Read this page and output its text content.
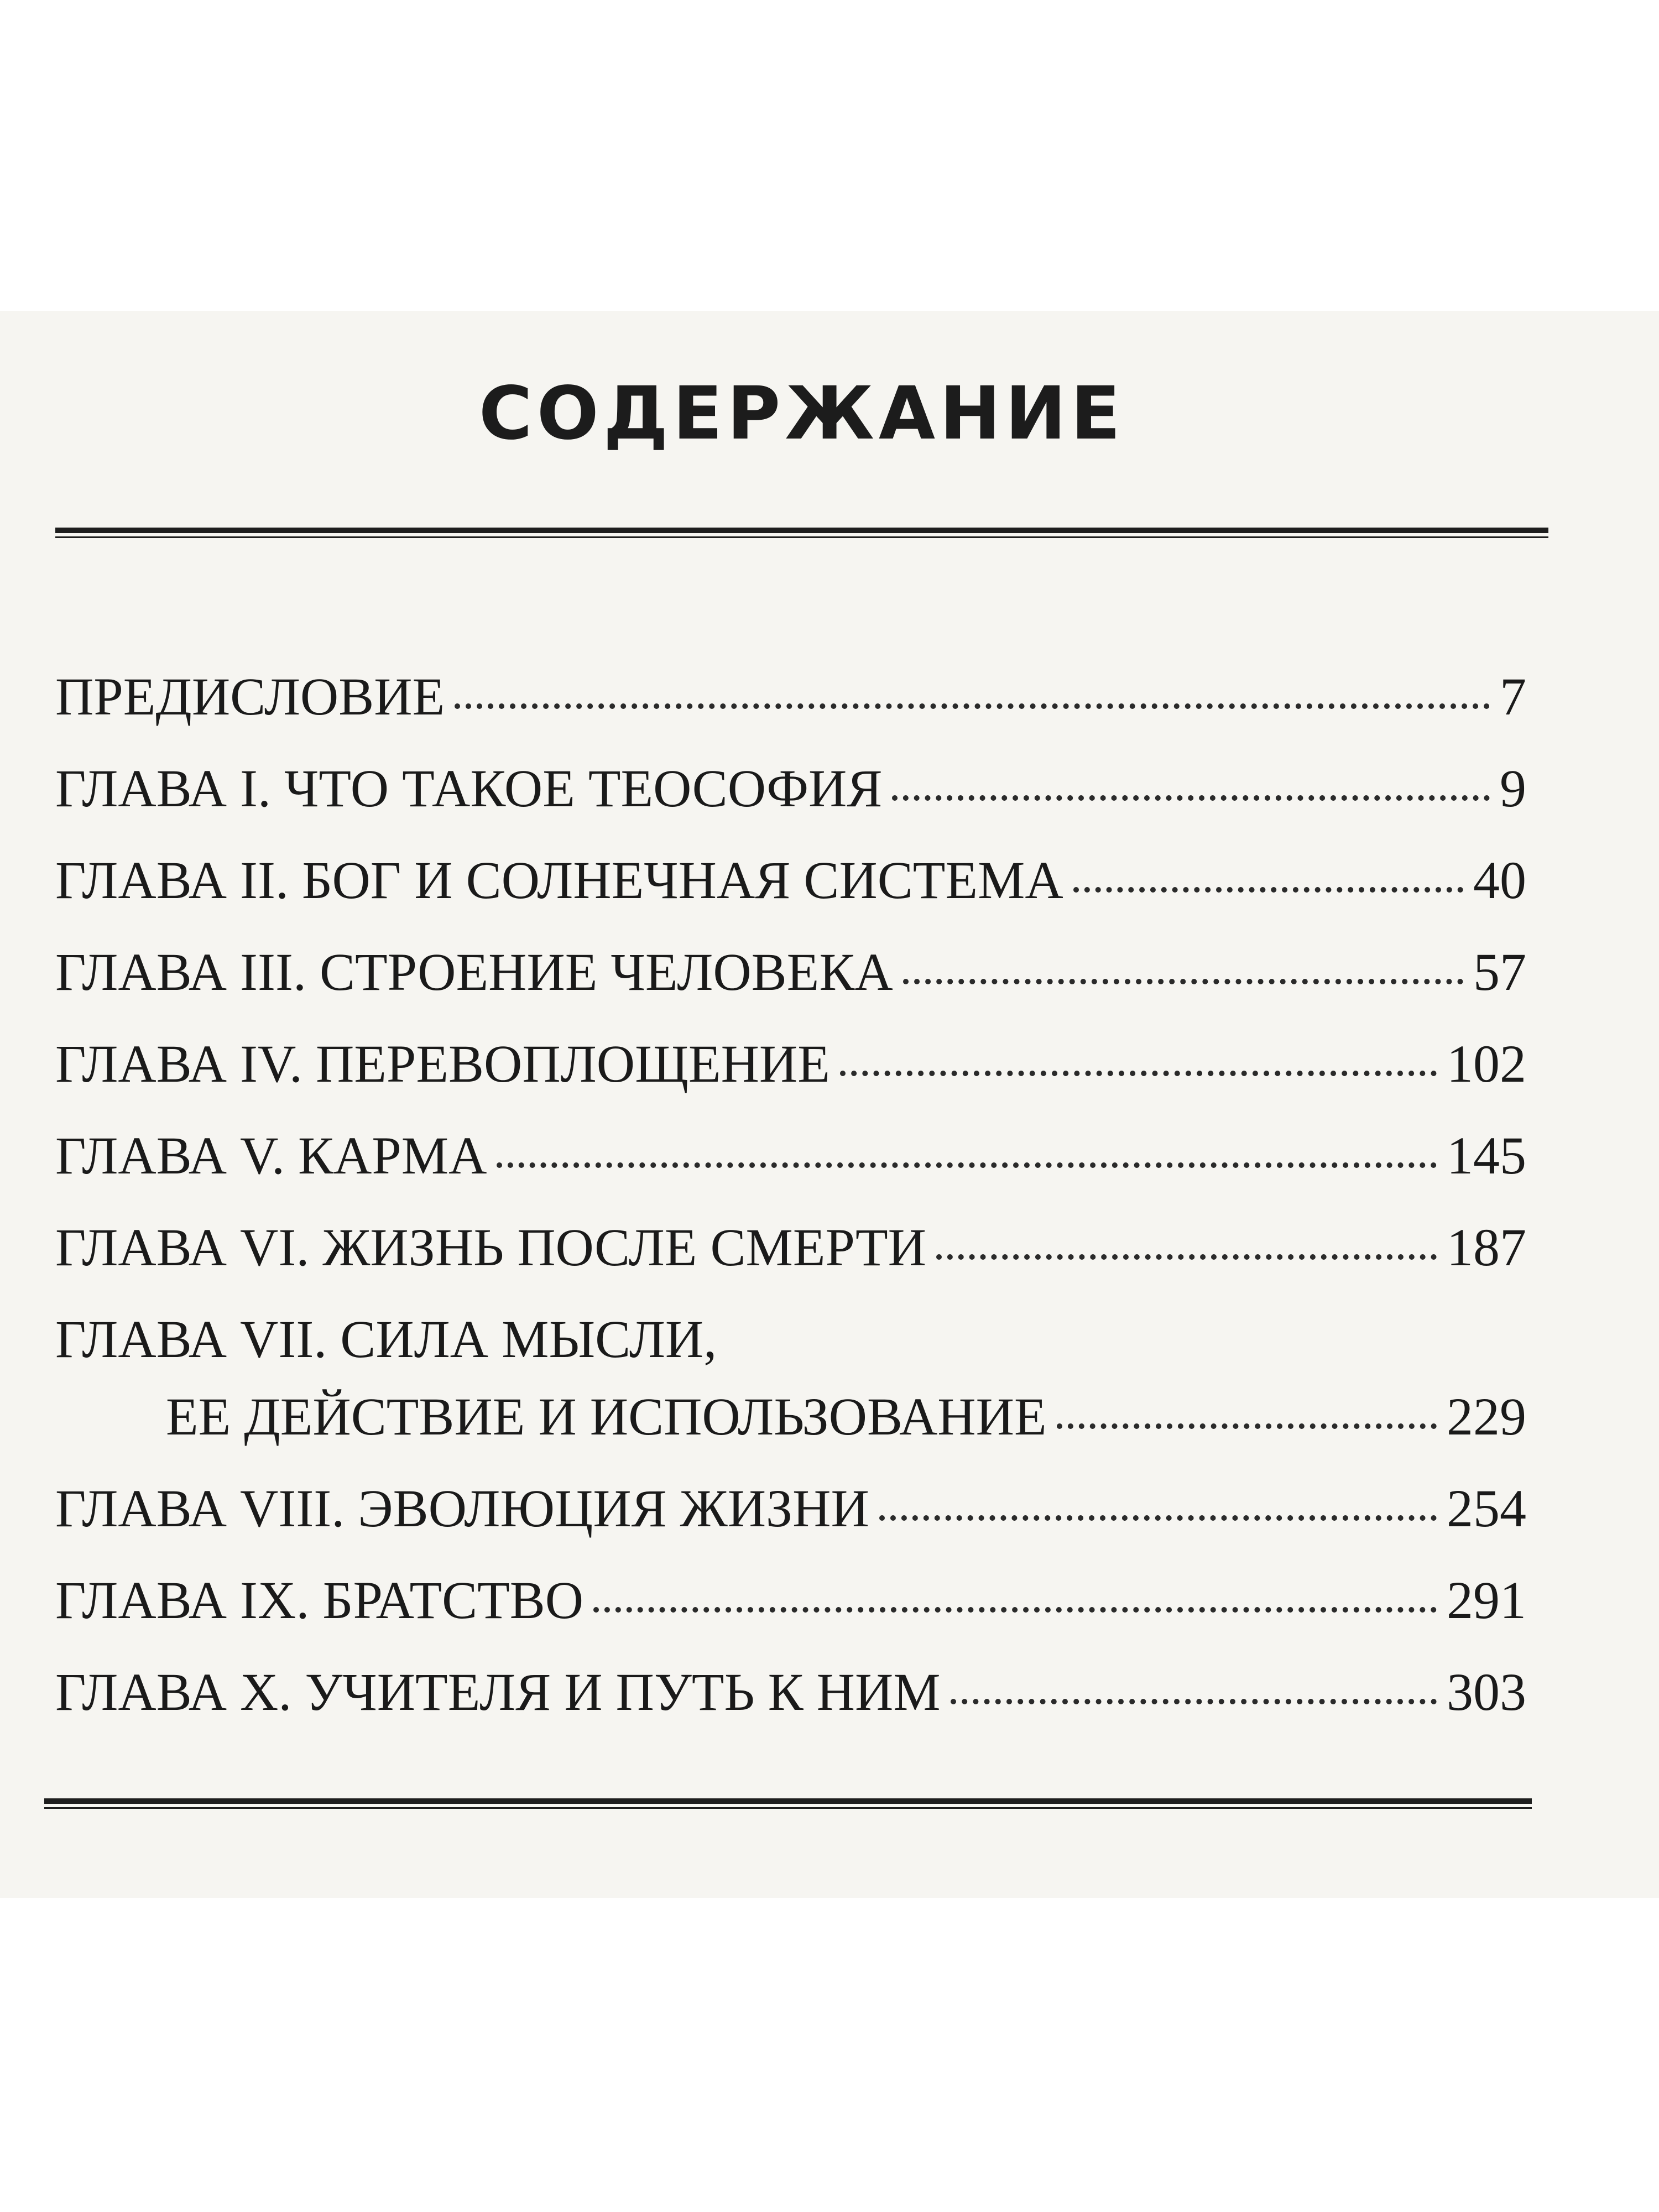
СОДЕРЖАНИЕ
ПРЕДИСЛОВИЕ	7
ГЛАВА I. ЧТО ТАКОЕ ТЕОСОФИЯ	9
ГЛАВА II. БОГ И СОЛНЕЧНАЯ СИСТЕМА	40
ГЛАВА III. СТРОЕНИЕ ЧЕЛОВЕКА	57
ГЛАВА IV. ПЕРЕВОПЛОЩЕНИЕ	102
ГЛАВА V. КАРМА	145
ГЛАВА VI. ЖИЗНЬ ПОСЛЕ СМЕРТИ	187
ГЛАВА VII. СИЛА МЫСЛИ,
ЕЕ ДЕЙСТВИЕ И ИСПОЛЬЗОВАНИЕ	229
ГЛАВА VIII. ЭВОЛЮЦИЯ ЖИЗНИ	254
ГЛАВА IX. БРАТСТВО	291
ГЛАВА X. УЧИТЕЛЯ И ПУТЬ К НИМ	303
